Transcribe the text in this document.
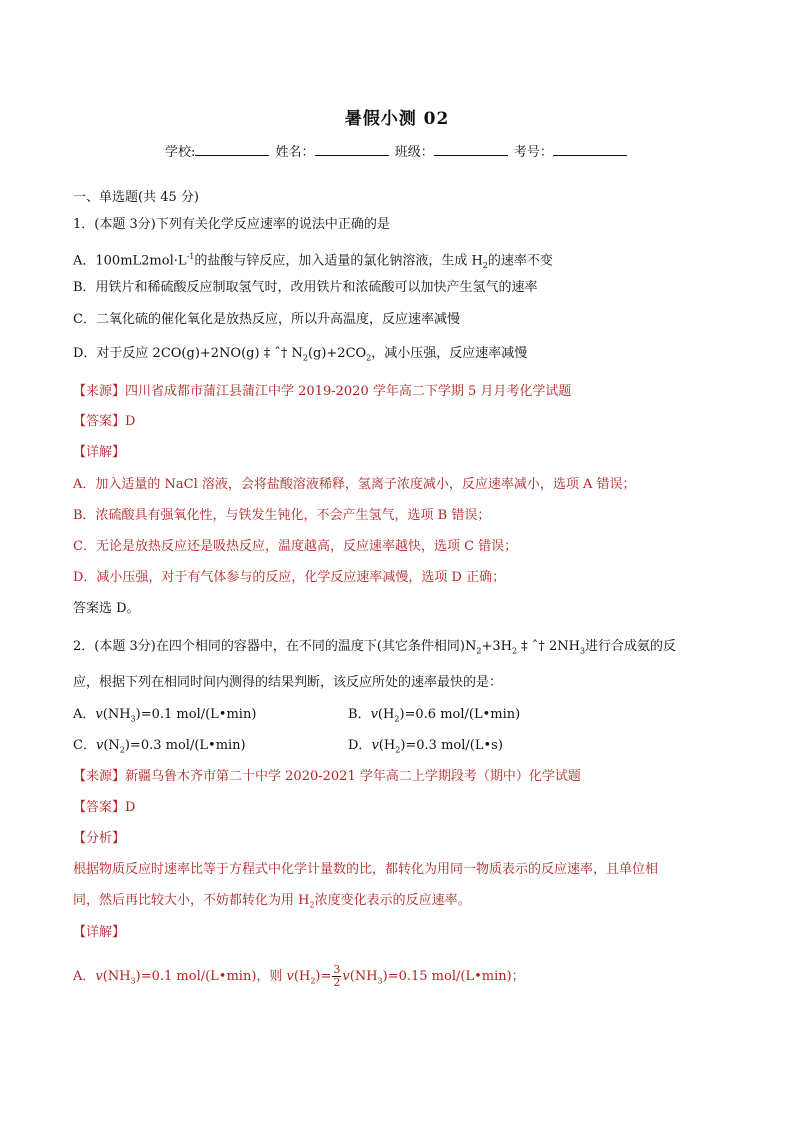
暑假小测 02
学校:	姓名：	班级：	考号：
一、单选题(共 45 分)
1．(本题 3分)下列有关化学反应速率的说法中正确的是
A．$100mL2mol\cdot L^{-1}$的盐酸与锌反应，加入适量的氯化钠溶液，生成 $H_2$的速率不变
B．用铁片和稀硫酸反应制取氢气时，改用铁片和浓硫酸可以加快产生氢气的速率
C．二氧化硫的催化氧化是放热反应，所以升高温度，反应速率减慢
D．对于反应 2CO(g)+2NO(g) ‡ ˆ† $N_2(g)+2CO_2$，减小压强，反应速率减慢
【来源】四川省成都市蒲江县蒲江中学 2019-2020 学年高二下学期 5 月月考化学试题
【答案】D
【详解】
A．加入适量的 NaCl 溶液，会将盐酸溶液稀释，氢离子浓度减小，反应速率减小，选项 A 错误；
B．浓硫酸具有强氧化性，与铁发生钝化，不会产生氢气，选项 B 错误；
C．无论是放热反应还是吸热反应，温度越高，反应速率越快，选项 C 错误；
D．减小压强，对于有气体参与的反应，化学反应速率减慢，选项 D 正确；
答案选 D。
2．(本题 3分)在四个相同的容器中，在不同的温度下(其它条件相同)$N_2+3H_2$ ‡ ˆ† $2NH_3$进行合成氨的反
应，根据下列在相同时间内测得的结果判断，该反应所处的速率最快的是：
A．$v(NH_3)=0.1$ mol/(L•min)	B．$v(H_2)=0.6$ mol/(L•min)
C．$v(N_2)=0.3$ mol/(L•min)	D．$v(H_2)=0.3$ mol/(L•s)
【来源】新疆乌鲁木齐市第二十中学 2020-2021 学年高二上学期段考（期中）化学试题
【答案】D
【分析】
根据物质反应时速率比等于方程式中化学计量数的比，都转化为用同一物质表示的反应速率，且单位相
同，然后再比较大小，不妨都转化为用 $H_2$浓度变化表示的反应速率。
【详解】
A．$v(NH_3)=0.1$ mol/(L•min)，则 $v(H_2)= \frac{3}{2} v(NH_3)=0.15$ mol/(L•min)；
